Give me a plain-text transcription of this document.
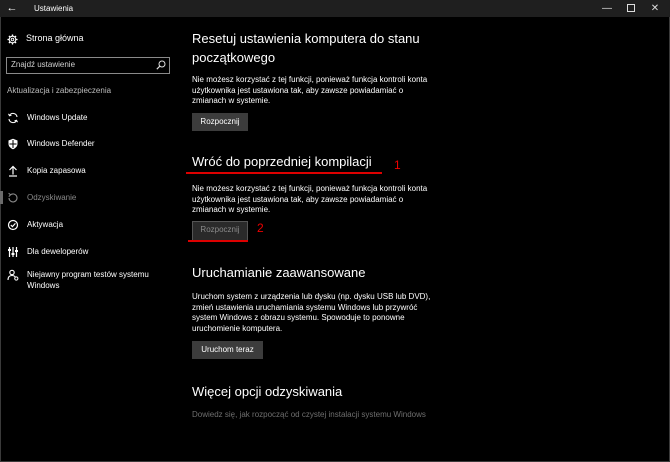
←	Ustawienia	—	✕
Strona główna
Znajdź ustawienie
Aktualizacja i zabezpieczenia
Windows Update
Windows Defender
Kopia zapasowa
Odzyskiwanie
Aktywacja
Dla deweloperów
Niejawny program testów systemu
Windows
Resetuj ustawienia komputera do stanu
początkowego
Nie możesz korzystać z tej funkcji, ponieważ funkcja kontroli konta
użytkownika jest ustawiona tak, aby zawsze powiadamiać o
zmianach w systemie.
Rozpocznij
Wróć do poprzedniej kompilacji 1
Nie możesz korzystać z tej funkcji, ponieważ funkcja kontroli konta
użytkownika jest ustawiona tak, aby zawsze powiadamiać o
zmianach w systemie.
Rozpocznij	2
Uruchamianie zaawansowane
Uruchom system z urządzenia lub dysku (np. dysku USB lub DVD),
zmień ustawienia uruchamiania systemu Windows lub przywróć
system Windows z obrazu systemu. Spowoduje to ponowne
uruchomienie komputera.
Uruchom teraz
Więcej opcji odzyskiwania
Dowiedz się, jak rozpocząć od czystej instalacji systemu Windows
